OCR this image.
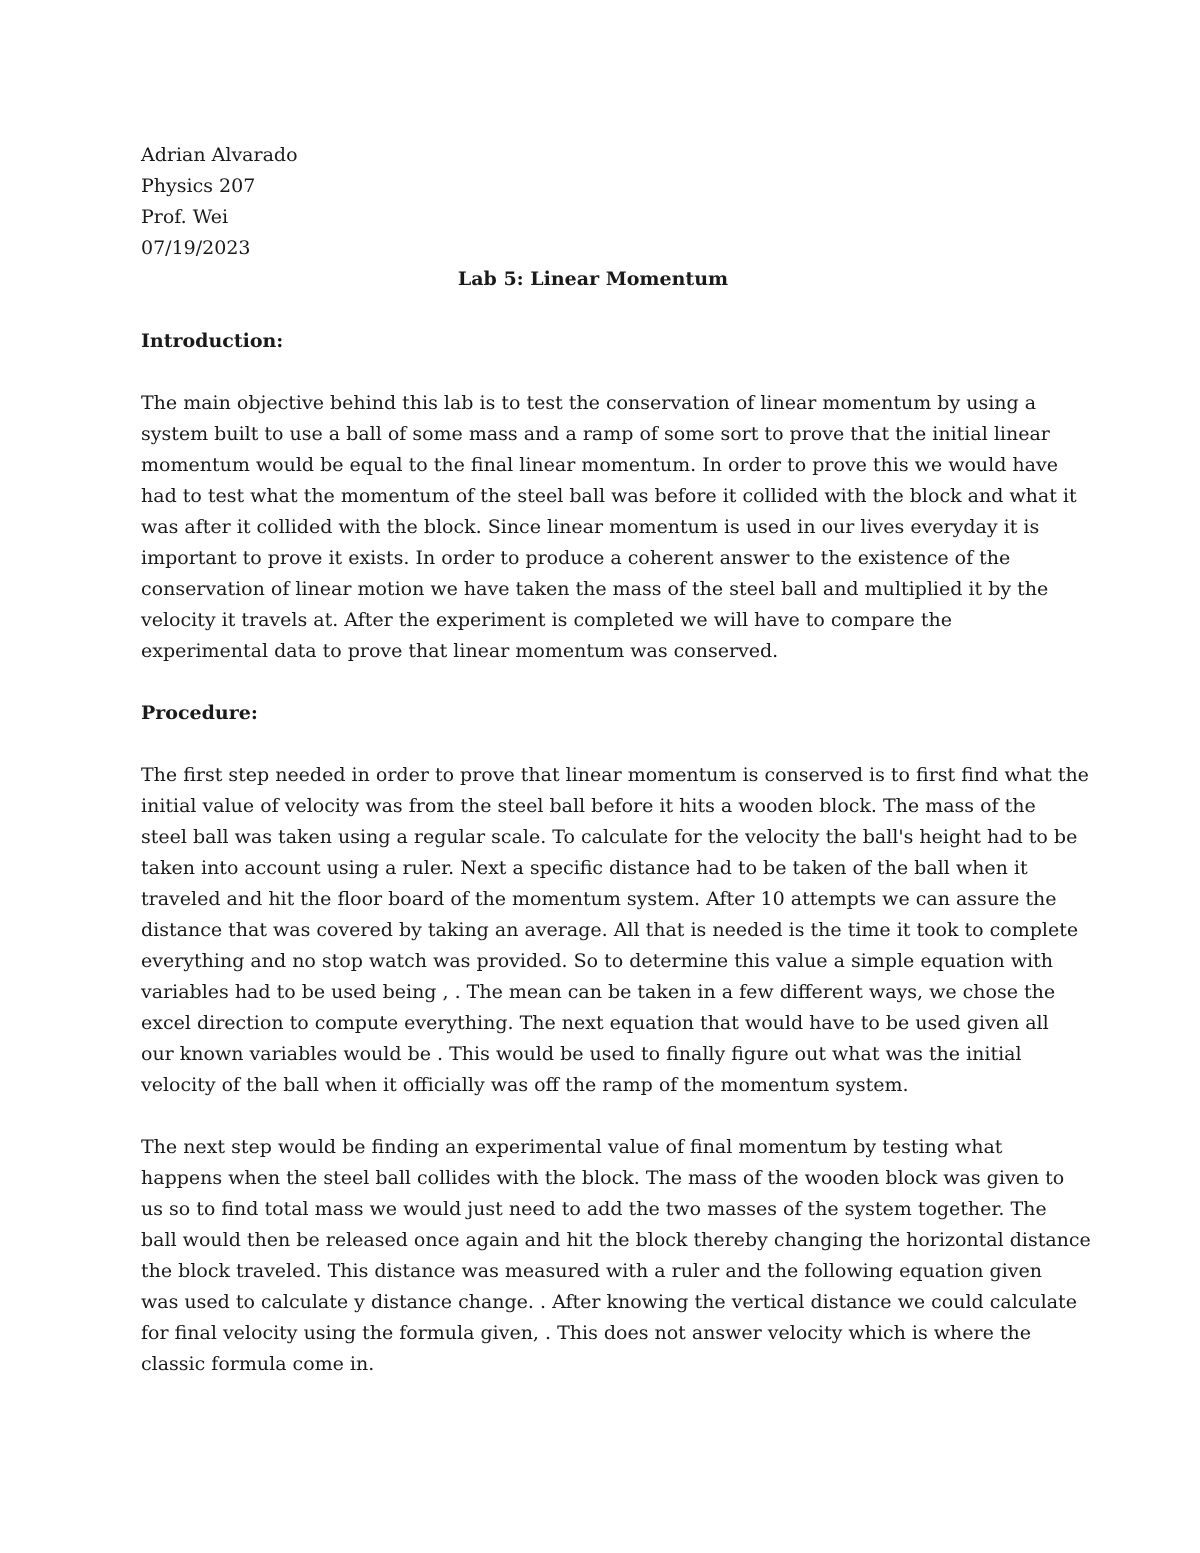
Adrian Alvarado

Physics 207

Prof. Wei

07/19/2023

Lab 5: Linear Momentum

Introduction:

The main objective behind this lab is to test the conservation of linear momentum by using a
system built to use a ball of some mass and a ramp of some sort to prove that the initial linear
momentum would be equal to the final linear momentum. In order to prove this we would have
had to test what the momentum of the steel ball was before it collided with the block and what it
was after it collided with the block. Since linear momentum is used in our lives everyday it is
important to prove it exists. In order to produce a coherent answer to the existence of the
conservation of linear motion we have taken the mass of the steel ball and multiplied it by the
velocity it travels at. After the experiment is completed we will have to compare the
experimental data to prove that linear momentum was conserved.

Procedure:

The first step needed in order to prove that linear momentum is conserved is to first find what the
initial value of velocity was from the steel ball before it hits a wooden block. The mass of the
steel ball was taken using a regular scale. To calculate for the velocity the ball's height had to be
taken into account using a ruler. Next a specific distance had to be taken of the ball when it
traveled and hit the floor board of the momentum system. After 10 attempts we can assure the
distance that was covered by taking an average. All that is needed is the time it took to complete
everything and no stop watch was provided. So to determine this value a simple equation with
variables had to be used being , . The mean can be taken in a few different ways, we chose the
excel direction to compute everything. The next equation that would have to be used given all
our known variables would be . This would be used to finally figure out what was the initial
velocity of the ball when it officially was off the ramp of the momentum system.
The next step would be finding an experimental value of final momentum by testing what
happens when the steel ball collides with the block. The mass of the wooden block was given to
us so to find total mass we would just need to add the two masses of the system together. The
ball would then be released once again and hit the block thereby changing the horizontal distance
the block traveled. This distance was measured with a ruler and the following equation given
was used to calculate y distance change. . After knowing the vertical distance we could calculate
for final velocity using the formula given, . This does not answer velocity which is where the
classic formula come in.
